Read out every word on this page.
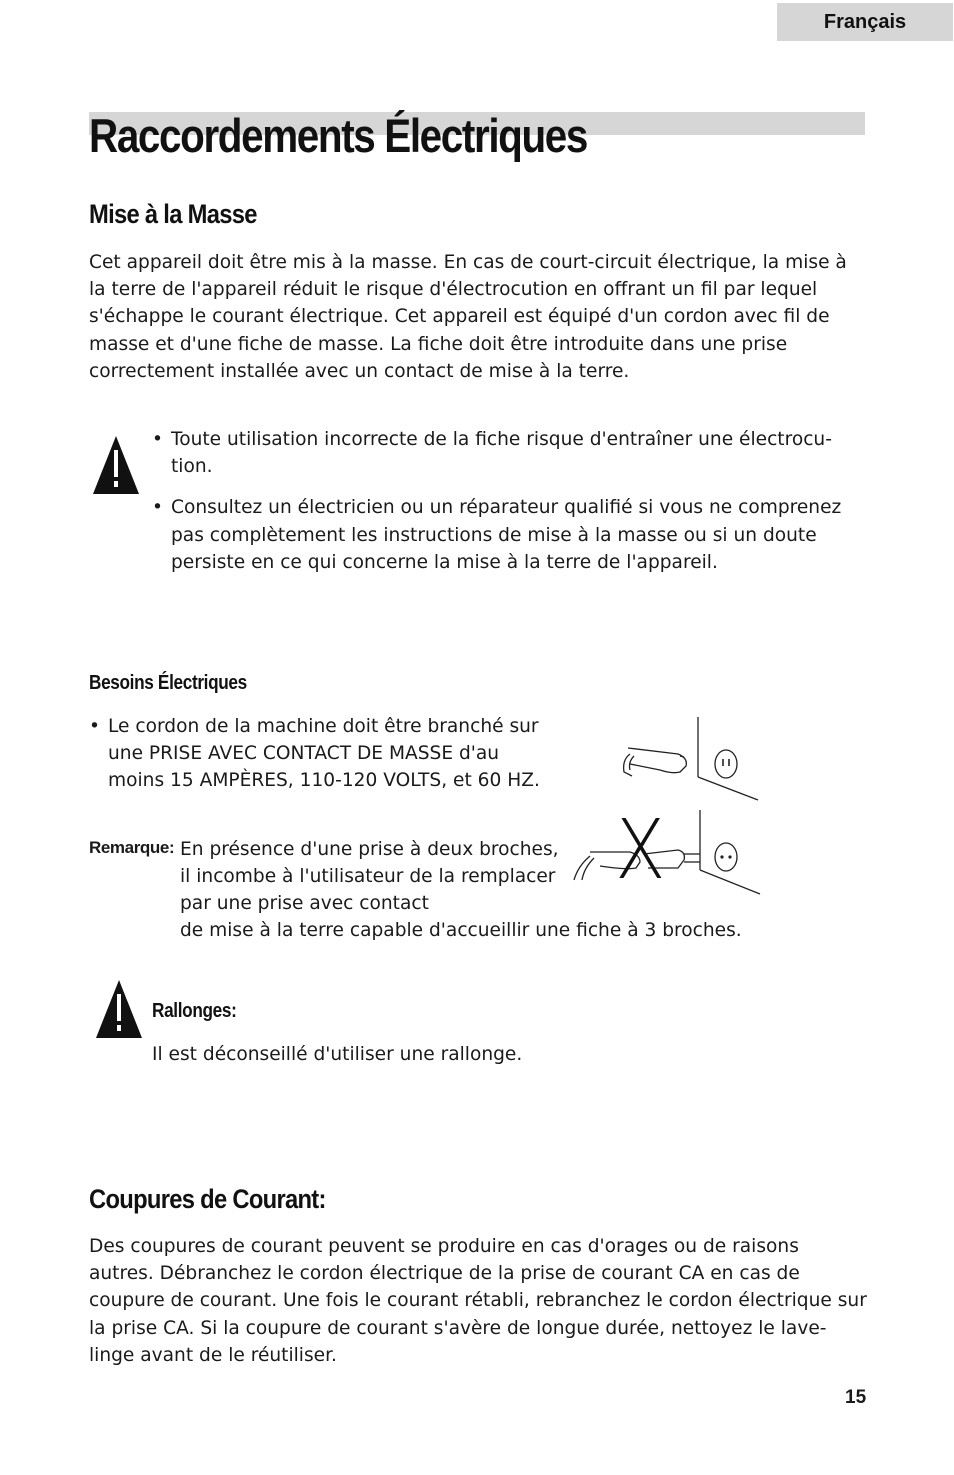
Français
Raccordements Électriques
Mise à la Masse

Cet appareil doit être mis à la masse. En cas de court-circuit électrique, la mise à la terre de l'appareil réduit le risque d'électrocution en offrant un fil par lequel s'échappe le courant électrique. Cet appareil est équipé d'un cordon avec fil de masse et d'une fiche de masse. La fiche doit être introduite dans une prise correctement installée avec un contact de mise à la terre.

• Toute utilisation incorrecte de la fiche risque d'entraîner une électrocu- tion.
• Consultez un électricien ou un réparateur qualifié si vous ne comprenez pas complètement les instructions de mise à la masse ou si un doute persiste en ce qui concerne la mise à la terre de l'appareil.
Besoins Électriques
• Le cordon de la machine doit être branché sur une PRISE AVEC CONTACT DE MASSE d'au moins 15 AMPÈRES, 110-120 VOLTS, et 60 HZ.
Remarque: En présence d'une prise à deux broches, il incombe à l'utilisateur de la remplacer par une prise avec contact

de mise à la terre capable d'accueillir une fiche à 3 broches.

X
Rallonges:

Il est déconseillé d'utiliser une rallonge.

Coupures de Courant:

Des coupures de courant peuvent se produire en cas d'orages ou de raisons autres. Débranchez le cordon électrique de la prise de courant CA en cas de coupure de courant. Une fois le courant rétabli, rebranchez le cordon électrique sur la prise CA. Si la coupure de courant s'avère de longue durée, nettoyez le lave-linge avant de le réutiliser.

15
